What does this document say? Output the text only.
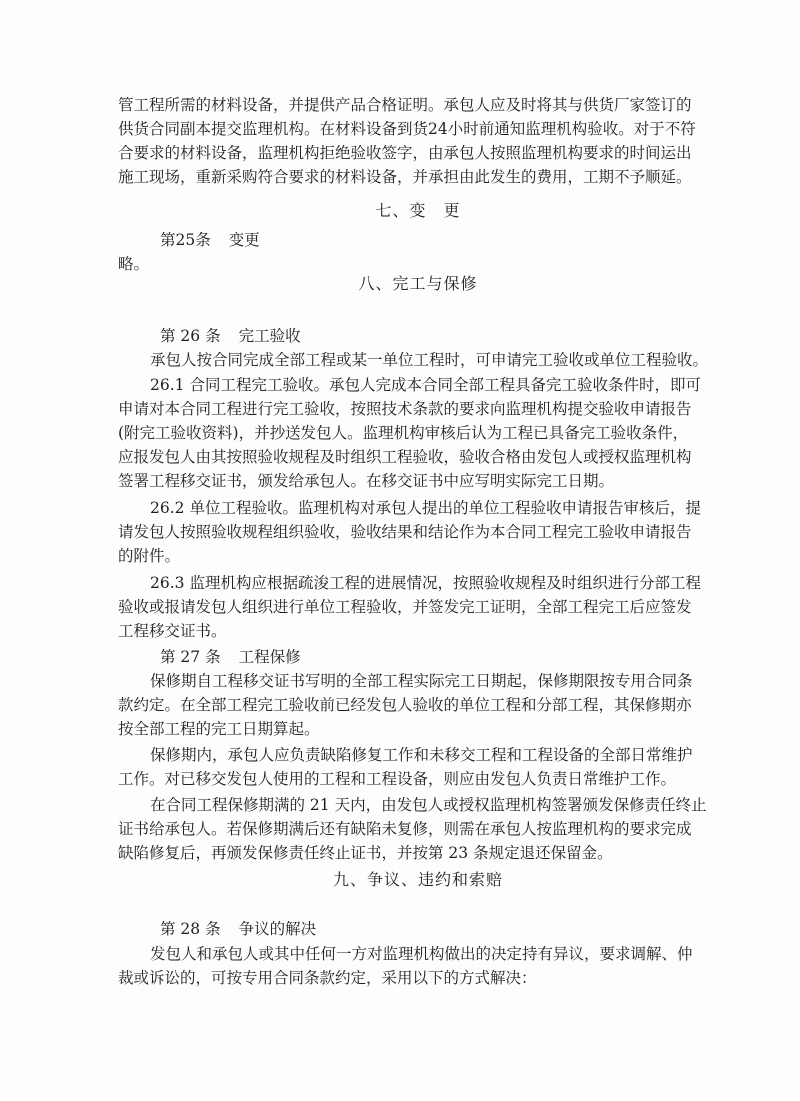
管工程所需的材料设备，并提供产品合格证明。承包人应及时将其与供货厂家签订的
供货合同副本提交监理机构。在材料设备到货24小时前通知监理机构验收。对于不符
合要求的材料设备，监理机构拒绝验收签字，由承包人按照监理机构要求的时间运出
施工现场，重新采购符合要求的材料设备，并承担由此发生的费用，工期不予顺延。
七、变　更
第25条 变更
略。
八、完工与保修
第 26 条 完工验收
承包人按合同完成全部工程或某一单位工程时，可申请完工验收或单位工程验收。
26.1 合同工程完工验收。承包人完成本合同全部工程具备完工验收条件时，即可
申请对本合同工程进行完工验收，按照技术条款的要求向监理机构提交验收申请报告
(附完工验收资料)，并抄送发包人。监理机构审核后认为工程已具备完工验收条件，
应报发包人由其按照验收规程及时组织工程验收，验收合格由发包人或授权监理机构
签署工程移交证书，颁发给承包人。在移交证书中应写明实际完工日期。
26.2 单位工程验收。监理机构对承包人提出的单位工程验收申请报告审核后，提
请发包人按照验收规程组织验收，验收结果和结论作为本合同工程完工验收申请报告
的附件。
26.3 监理机构应根据疏浚工程的进展情况，按照验收规程及时组织进行分部工程
验收或报请发包人组织进行单位工程验收，并签发完工证明，全部工程完工后应签发
工程移交证书。
第 27 条 工程保修
保修期自工程移交证书写明的全部工程实际完工日期起，保修期限按专用合同条
款约定。在全部工程完工验收前已经发包人验收的单位工程和分部工程，其保修期亦
按全部工程的完工日期算起。
保修期内，承包人应负责缺陷修复工作和未移交工程和工程设备的全部日常维护
工作。对已移交发包人使用的工程和工程设备，则应由发包人负责日常维护工作。
在合同工程保修期满的 21 天内，由发包人或授权监理机构签署颁发保修责任终止
证书给承包人。若保修期满后还有缺陷未复修，则需在承包人按监理机构的要求完成
缺陷修复后，再颁发保修责任终止证书，并按第 23 条规定退还保留金。
九、争议、违约和索赔
第 28 条 争议的解决
发包人和承包人或其中任何一方对监理机构做出的决定持有异议，要求调解、仲
裁或诉讼的，可按专用合同条款约定，采用以下的方式解决：
